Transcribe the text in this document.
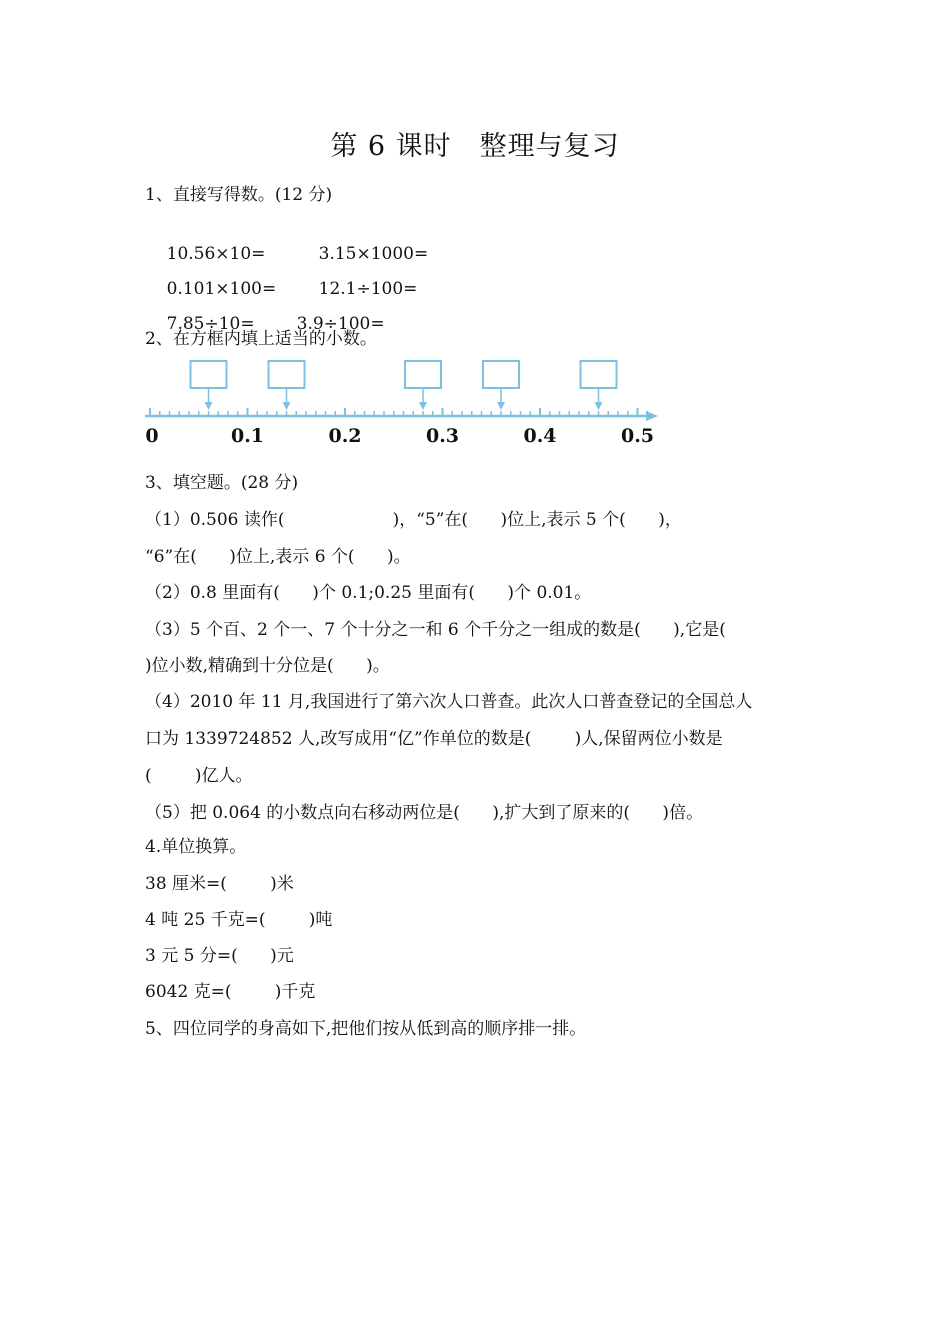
第 6 课时　整理与复习
1、直接写得数。(12 分)

10.56×10=	3.15×1000=

0.101×100= 12.1÷100=

7.85÷10= 3.9÷100=

2、在方框内填上适当的小数。
0	0.1	0.2	0.3	0.4	0.5
3、填空题。(28 分)
（1）0.506 读作(                    )，“5”在(      )位上,表示 5 个(      )，
“6”在(      )位上,表示 6 个(      )。
（2）0.8 里面有(      )个 0.1;0.25 里面有(      )个 0.01。
（3）5 个百、2 个一、7 个十分之一和 6 个千分之一组成的数是(      ),它是(
)位小数,精确到十分位是(      )。
（4）2010 年 11 月,我国进行了第六次人口普查。此次人口普查登记的全国总人
口为 1339724852 人,改写成用“亿”作单位的数是(        )人,保留两位小数是
(        )亿人。
（5）把 0.064 的小数点向右移动两位是(      ),扩大到了原来的(      )倍。
4.单位换算。
38 厘米=(        )米
4 吨 25 千克=(        )吨
3 元 5 分=(      )元
6042 克=(        )千克
5、四位同学的身高如下,把他们按从低到高的顺序排一排。
